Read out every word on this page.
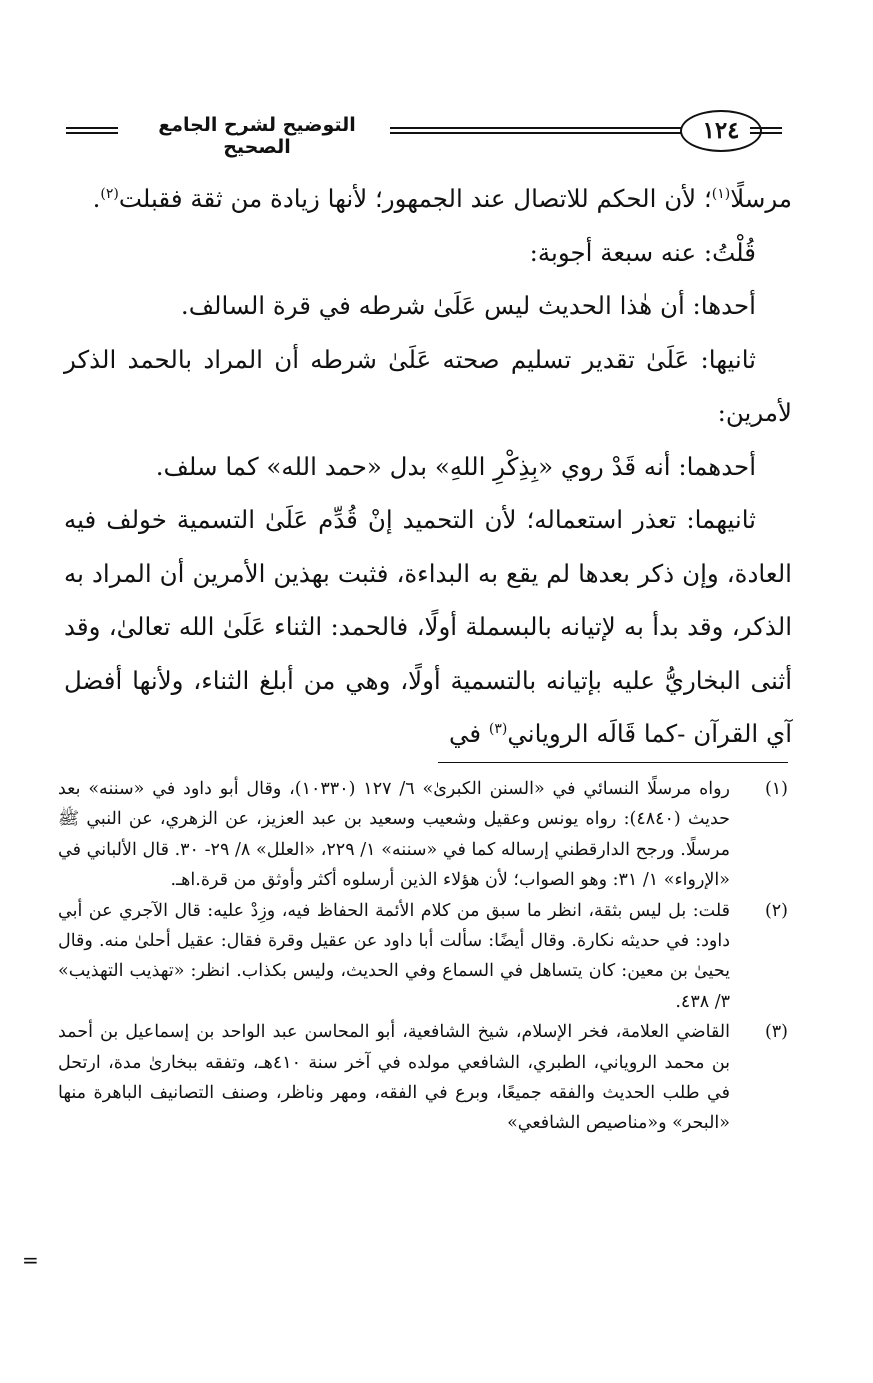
التوضيح لشرح الجامع الصحيح
١٢٤

مرسلًا$^{(١)}$؛ لأن الحكم للاتصال عند الجمهور؛ لأنها زيادة من ثقة فقبلت$^{(٢)}$.

قُلْتُ: عنه سبعة أجوبة:

أحدها: أن هٰذا الحديث ليس عَلَىٰ شرطه في قرة السالف.

ثانيها: عَلَىٰ تقدير تسليم صحته عَلَىٰ شرطه أن المراد بالحمد الذكر لأمرين:

أحدهما: أنه قَدْ روي «بِذِكْرِ اللهِ» بدل «حمد الله» كما سلف.

ثانيهما: تعذر استعماله؛ لأن التحميد إنْ قُدِّم عَلَىٰ التسمية خولف فيه العادة، وإن ذكر بعدها لم يقع به البداءة، فثبت بهذين الأمرين أن المراد به الذكر، وقد بدأ به لإتيانه بالبسملة أولًا، فالحمد: الثناء عَلَىٰ الله تعالىٰ، وقد أثنى البخاريُّ عليه بإتيانه بالتسمية أولًا، وهي من أبلغ الثناء، ولأنها أفضل آي القرآن -كما قَالَه الروياني$^{(٣)}$ في

(١)
رواه مرسلًا النسائي في «السنن الكبرىٰ» ٦/ ١٢٧ (١٠٣٣٠)، وقال أبو داود في «سننه» بعد حديث (٤٨٤٠): رواه يونس وعقيل وشعيب وسعيد بن عبد العزيز، عن الزهري، عن النبي ﷺ مرسلًا. ورجح الدارقطني إرساله كما في «سننه» ١/ ٢٢٩، «العلل» ٨/ ٢٩- ٣٠. قال الألباني في «الإرواء» ١/ ٣١: وهو الصواب؛ لأن هؤلاء الذين أرسلوه أكثر وأوثق من قرة.اهـ.

(٢)
قلت: بل ليس بثقة، انظر ما سبق من كلام الأئمة الحفاظ فيه، وزِدْ عليه: قال الآجري عن أبي داود: في حديثه نكارة. وقال أيضًا: سألت أبا داود عن عقيل وقرة فقال: عقيل أحلىٰ منه. وقال يحيىٰ بن معين: كان يتساهل في السماع وفي الحديث، وليس بكذاب. انظر: «تهذيب التهذيب» ٣/ ٤٣٨.

(٣)
القاضي العلامة، فخر الإسلام، شيخ الشافعية، أبو المحاسن عبد الواحد بن إسماعيل بن أحمد بن محمد الروياني، الطبري، الشافعي مولده في آخر سنة ٤١٠هـ، وتفقه ببخارىٰ مدة، ارتحل في طلب الحديث والفقه جميعًا، وبرع في الفقه، ومهر وناظر، وصنف التصانيف الباهرة منها «البحر» و«مناصيص الشافعي»

=
